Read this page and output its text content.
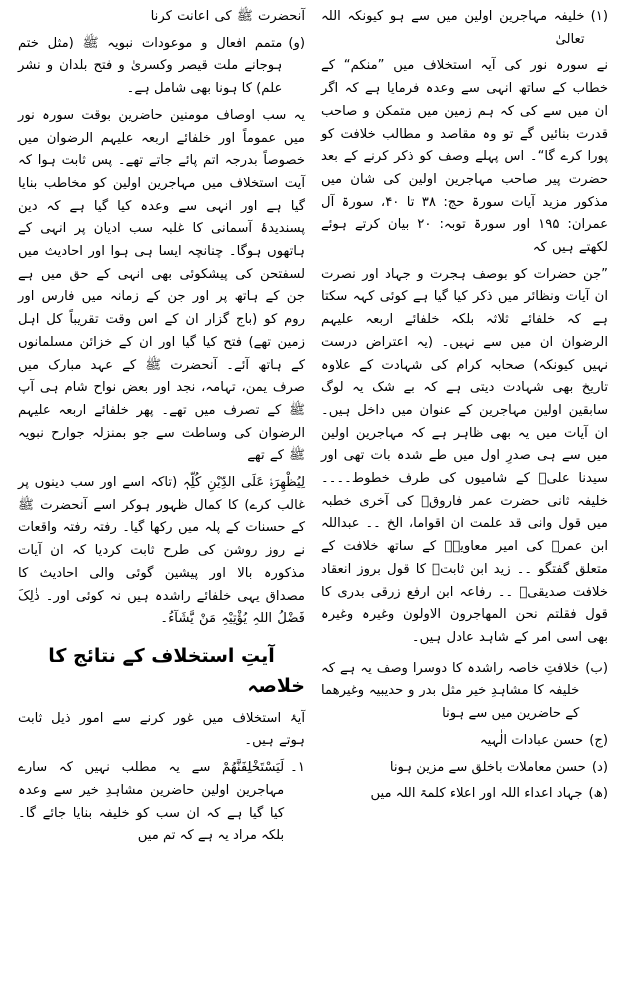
(۱)
خلیفہ مہاجرین اولین میں سے ہو کیونکہ اللہ تعالیٰ

نے سورہ نور کی آیہ استخلاف میں ”منکم“ کے خطاب کے ساتھ انہی سے وعدہ فرمایا ہے کہ اگر ان میں سے کی کہ ہم زمین میں متمکن و صاحب قدرت بنائیں گے تو وہ مقاصد و مطالب خلافت کو پورا کرے گا“۔ اس پہلے وصف کو ذکر کرنے کے بعد حضرت پیر صاحب مہاجرین اولین کی شان میں مذکور مزید آیات سورۃ حج: ۳۸ تا ۴۰، سورۃ آل عمران: ۱۹۵ اور سورۃ توبہ: ۲۰ بیان کرتے ہوئے لکھتے ہیں کہ

”جن حضرات کو بوصف ہجرت و جہاد اور نصرت ان آیات ونظائر میں ذکر کیا گیا ہے کوئی کہہ سکتا ہے کہ خلفائے ثلاثہ بلکہ خلفائے اربعہ علیہم الرضوان ان میں سے نہیں۔ (یہ اعتراض درست نہیں کیونکہ) صحابہ کرام کی شہادت کے علاوہ تاریخ بھی شہادت دیتی ہے کہ بے شک یہ لوگ سابقین اولین مہاجرین کے عنوان میں داخل ہیں۔ ان آیات میں یہ بھی ظاہر ہے کہ مہاجرین اولین میں سے ہی صدرِ اول میں طے شدہ بات تھی اور سیدنا علیؓ کے شامیوں کی طرف خطوط۔۔۔۔ خلیفہ ثانی حضرت عمر فاروقؓ کی آخری خطبہ میں قول وانی قد علمت ان اقواما، الخ ۔۔ عبداللہ ابن عمرؓ کی امیر معاویہؓ کے ساتھ خلافت کے متعلق گفتگو ۔۔ زید ابن ثابتؓ کا قول بروز انعقاد خلافت صدیقیؓ ۔۔ رفاعہ ابن ارفع زرقی بدری کا قول فقلتم نحن المھاجرون الاولون وغیرہ وغیرہ بھی اسی امر کے شاہد عادل ہیں۔

(ب)
خلافتِ خاصہ راشدہ کا دوسرا وصف یہ ہے کہ خلیفہ کا مشاہدِ خیر مثل بدر و حدیبیہ وغیرھما کے حاضرین میں سے ہونا
(ج)
حسن عبادات الٰہیہ
(د)
حسن معاملات باخلق سے مزین ہونا
(ھ)
جہاد اعداء اللہ اور اعلاء کلمۃ اللہ میں

آنحضرت ﷺ کی اعانت کرنا

(و)
متمم افعال و موعودات نبویہ ﷺ (مثل ختم ہوجانے ملت قیصر وکسریٰ و فتح بلدان و نشر علم) کا ہونا بھی شامل ہے۔

یہ سب اوصاف مومنین حاضرین بوقت سورہ نور میں عموماً اور خلفائے اربعہ علیہم الرضوان میں خصوصاً بدرجہ اتم پائے جاتے تھے۔ پس ثابت ہوا کہ آیت استخلاف میں مہاجرین اولین کو مخاطب بنایا گیا ہے اور انہی سے وعدہ کیا گیا ہے کہ دین پسندیدۂ آسمانی کا غلبہ سب ادیان پر انہی کے ہاتھوں ہوگا۔ چنانچہ ایسا ہی ہوا اور احادیث میں لسفتحن کی پیشکوئی بھی انہی کے حق میں ہے جن کے ہاتھ پر اور جن کے زمانہ میں فارس اور روم کو (باج گزار ان کے اس وقت تقریباً کل اہل زمین تھے) فتح کیا گیا اور ان کے خزائن مسلمانوں کے ہاتھ آئے۔ آنحضرت ﷺ کے عہد مبارک میں صرف یمن، تہامہ، نجد اور بعض نواح شام ہی آپ ﷺ کے تصرف میں تھے۔ پھر خلفائے اربعہ علیہم الرضوان کی وساطت سے جو بمنزلہ جوارح نبویہ ﷺ کے تھے

لِیُظْھِرَہٗ عَلَی الدِّیْنِ کُلِّہٖ (تاکہ اسے اور سب دینوں پر غالب کرے) کا کمال ظہور ہوکر اسے آنحضرت ﷺ کے حسنات کے پلہ میں رکھا گیا۔ رفتہ رفتہ واقعات نے روز روشن کی طرح ثابت کردیا کہ ان آیات مذکورہ بالا اور پیشین گوئی والی احادیث کا مصداق یہی خلفائے راشدہ ہیں نہ کوئی اور۔ ذٰلِکَ فَضْلُ اللہِ یُؤْتِیْہِ مَنْ یَّشَآءُ۔

آیتِ استخلاف کے نتائج کا خلاصہ

آیۂ استخلاف میں غور کرنے سے امور ذیل ثابت ہوتے ہیں۔

۱۔
لَیَسْتَخْلِفَنَّھُمْ سے یہ مطلب نہیں کہ سارے مہاجرین اولین حاضرین مشاہدِ خیر سے وعدہ کیا گیا ہے کہ ان سب کو خلیفہ بنایا جائے گا۔ بلکہ مراد یہ ہے کہ تم میں
